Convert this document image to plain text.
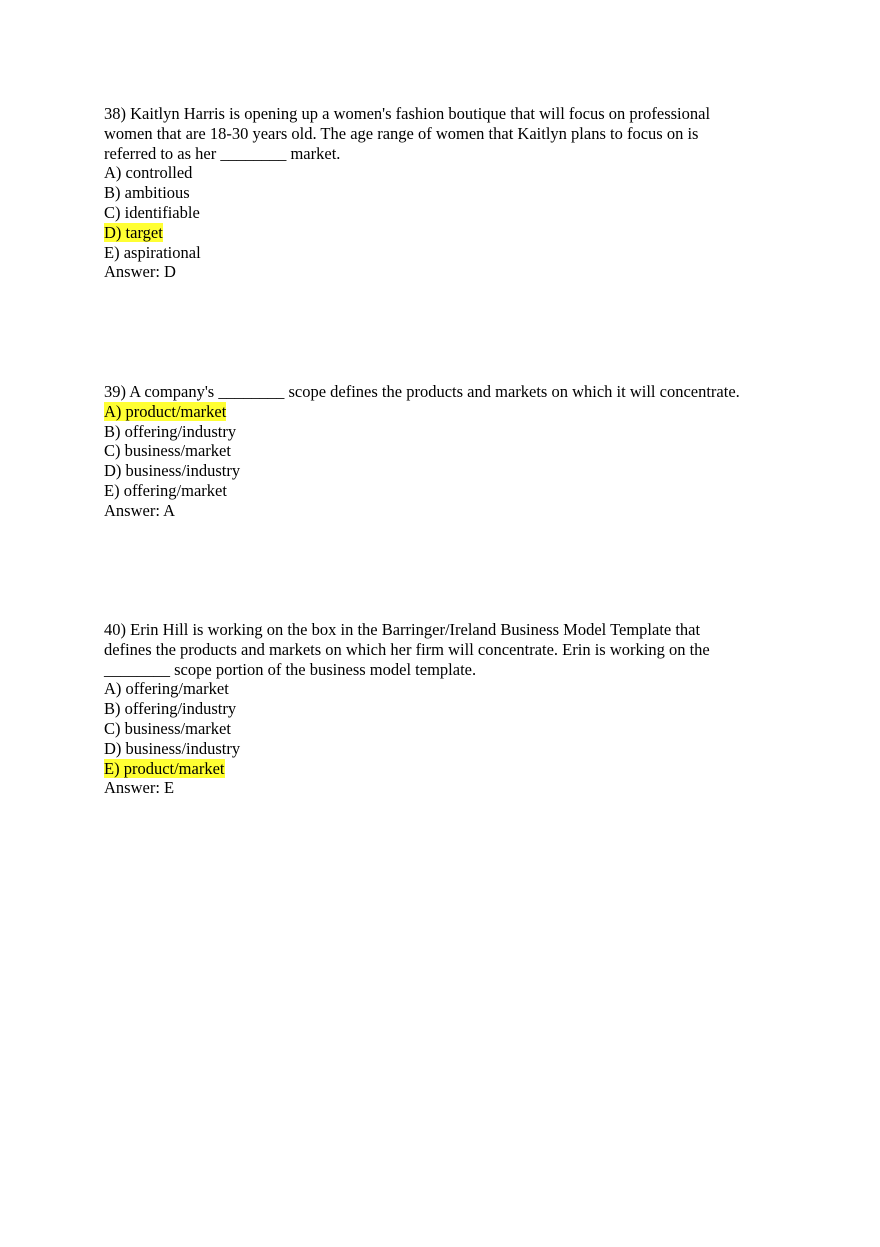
38) Kaitlyn Harris is opening up a women's fashion boutique that will focus on professional
women that are 18-30 years old. The age range of women that Kaitlyn plans to focus on is
referred to as her ________ market.
A) controlled
B) ambitious
C) identifiable
D) target
E) aspirational
Answer: D
39) A company's ________ scope defines the products and markets on which it will concentrate.
A) product/market
B) offering/industry
C) business/market
D) business/industry
E) offering/market
Answer: A
40) Erin Hill is working on the box in the Barringer/Ireland Business Model Template that
defines the products and markets on which her firm will concentrate. Erin is working on the
________ scope portion of the business model template.
A) offering/market
B) offering/industry
C) business/market
D) business/industry
E) product/market
Answer: E
